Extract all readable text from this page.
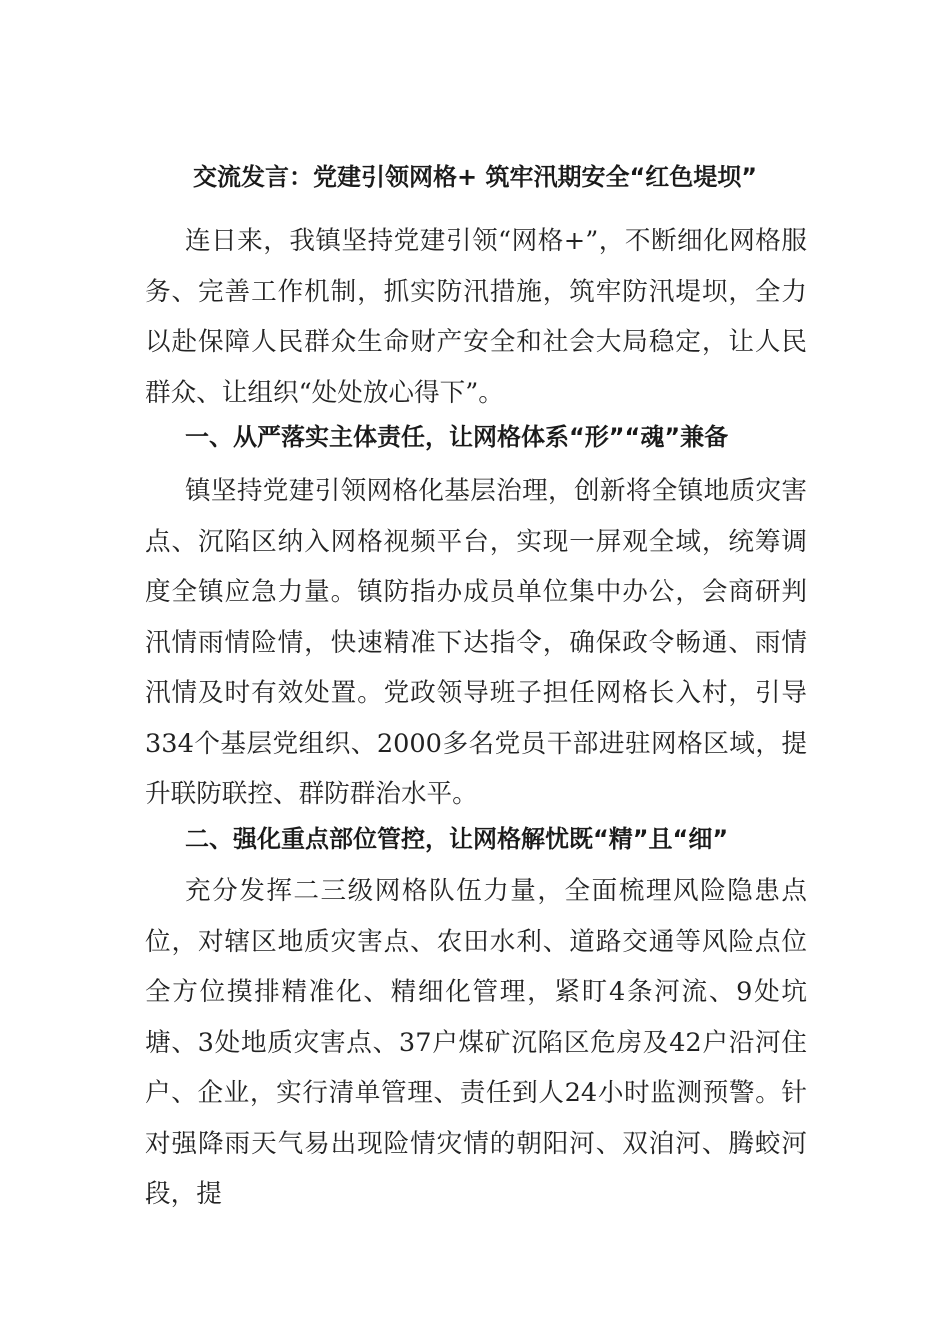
交流发言：党建引领网格+ 筑牢汛期安全“红色堤坝”

连日来，我镇坚持党建引领“网格+”，不断细化网格服务、完善工作机制，抓实防汛措施，筑牢防汛堤坝，全力以赴保障人民群众生命财产安全和社会大局稳定，让人民群众、让组织“处处放心得下”。

一、从严落实主体责任，让网格体系“形”“魂”兼备

镇坚持党建引领网格化基层治理，创新将全镇地质灾害点、沉陷区纳入网格视频平台，实现一屏观全域，统筹调度全镇应急力量。镇防指办成员单位集中办公，会商研判汛情雨情险情，快速精准下达指令，确保政令畅通、雨情汛情及时有效处置。党政领导班子担任网格长入村，引导334个基层党组织、2000多名党员干部进驻网格区域，提升联防联控、群防群治水平。

二、强化重点部位管控，让网格解忧既“精”且“细”

充分发挥二三级网格队伍力量，全面梳理风险隐患点位，对辖区地质灾害点、农田水利、道路交通等风险点位全方位摸排精准化、精细化管理，紧盯4条河流、9处坑塘、3处地质灾害点、37户煤矿沉陷区危房及42户沿河住户、企业，实行清单管理、责任到人24小时监测预警。针对强降雨天气易出现险情灾情的朝阳河、双洎河、腾蛟河段，提
